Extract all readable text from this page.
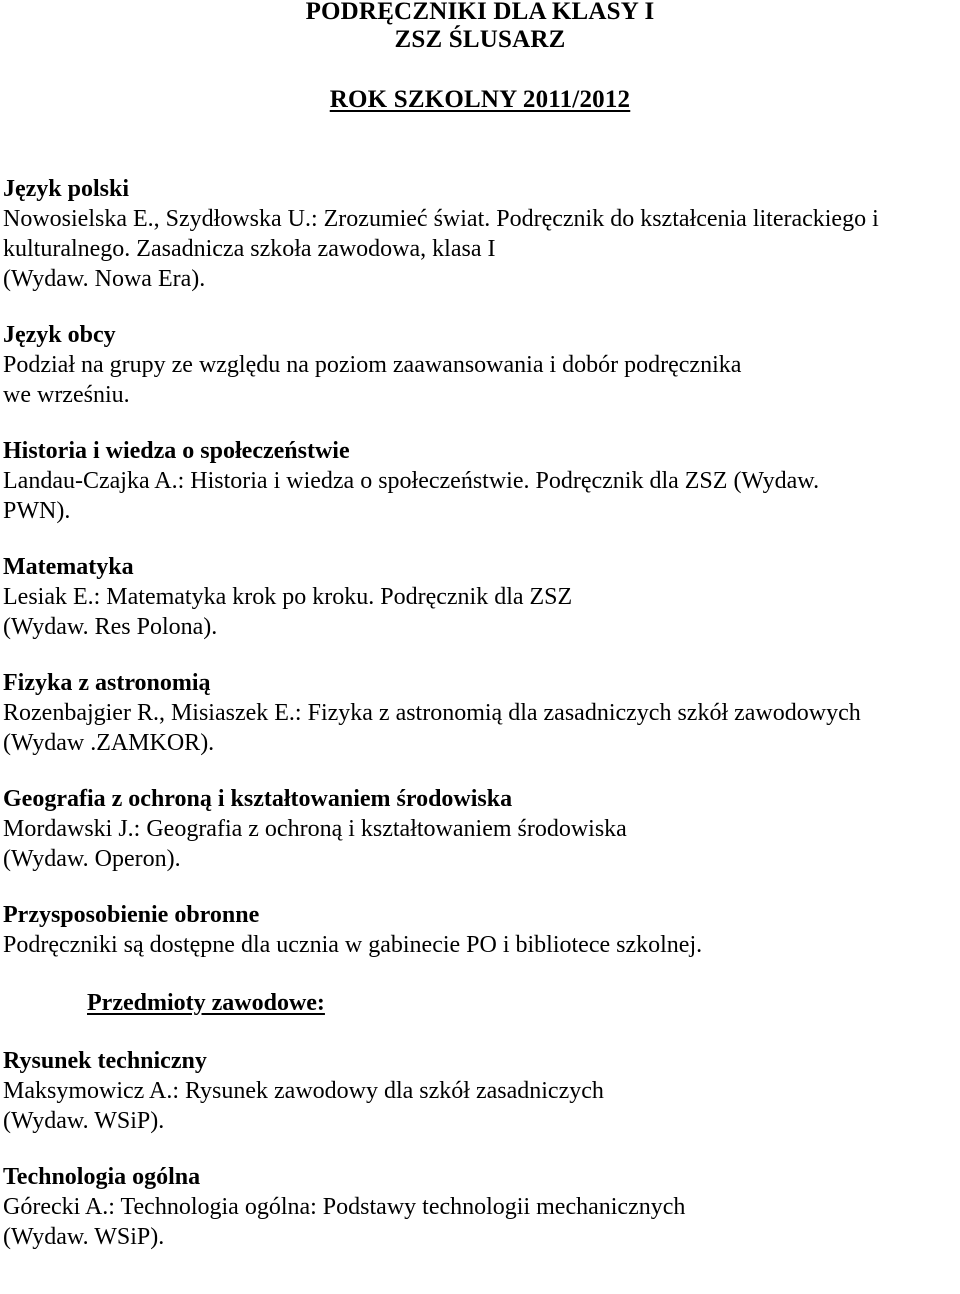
PODRĘCZNIKI DLA KLASY I
ZSZ ŚLUSARZ
ROK SZKOLNY 2011/2012
Język polski
Nowosielska E., Szydłowska U.: Zrozumieć świat. Podręcznik do kształcenia literackiego i
kulturalnego. Zasadnicza szkoła zawodowa, klasa I
(Wydaw. Nowa Era).
Język obcy
Podział na grupy ze względu na poziom zaawansowania i dobór podręcznika
we wrześniu.
Historia i wiedza o społeczeństwie
Landau-Czajka A.: Historia i wiedza o społeczeństwie. Podręcznik dla ZSZ (Wydaw.
PWN).
Matematyka
Lesiak E.: Matematyka krok po kroku. Podręcznik dla ZSZ
(Wydaw. Res Polona).
Fizyka z astronomią
Rozenbajgier R., Misiaszek E.: Fizyka z astronomią dla zasadniczych szkół zawodowych
(Wydaw .ZAMKOR).
Geografia z ochroną i kształtowaniem środowiska
Mordawski J.: Geografia z ochroną i kształtowaniem środowiska
(Wydaw. Operon).
Przysposobienie obronne
Podręczniki są dostępne dla ucznia w gabinecie PO i bibliotece szkolnej.
Przedmioty zawodowe:
Rysunek techniczny
Maksymowicz A.: Rysunek zawodowy dla szkół zasadniczych
(Wydaw. WSiP).
Technologia ogólna
Górecki A.: Technologia ogólna: Podstawy technologii mechanicznych
(Wydaw. WSiP).
